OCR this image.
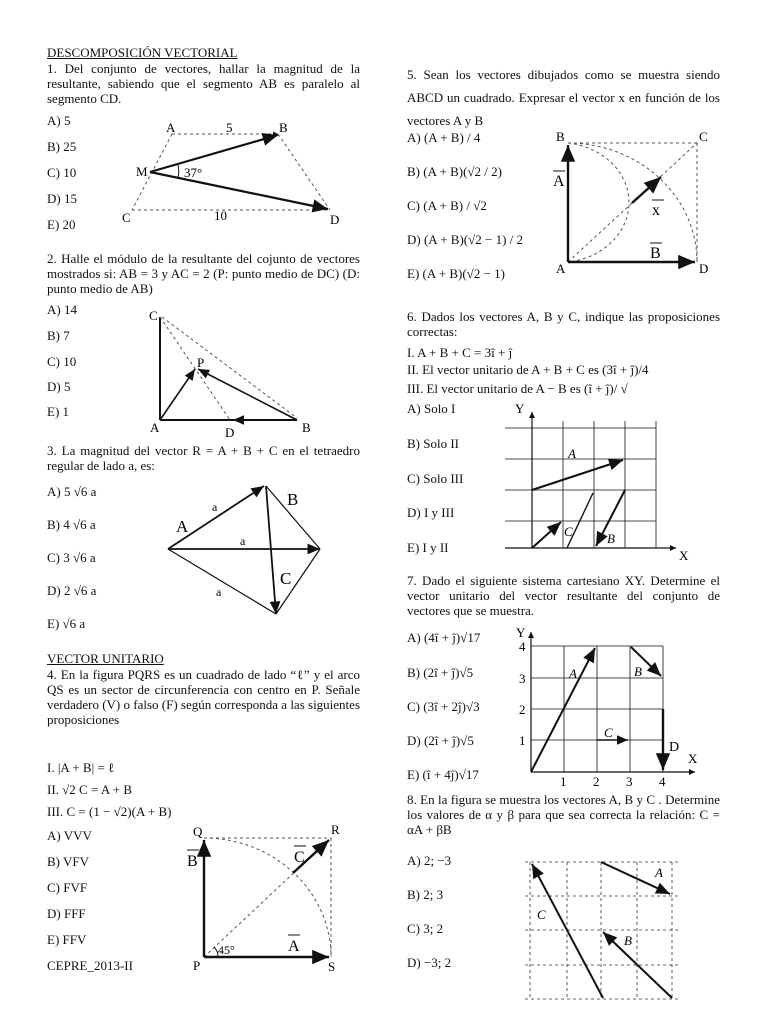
DESCOMPOSICIÓN VECTORIAL
1. Del conjunto de vectores, hallar la magnitud de la resultante, sabiendo que el segmento AB es paralelo al segmento CD.
A) 5
B) 25
C) 10
D) 15
E) 20
A	5	B
M	37°
C	10	D
2. Halle el módulo de la resultante del cojunto de vectores mostrados si: AB = 3 y AC = 2 (P: punto medio de DC) (D: punto medio de AB)
A) 14
B) 7
C) 10
D) 5
E) 1
C
P
A	D	B
3. La magnitud del vector R = A + B + C en el tetraedro regular de lado a, es:
A) 5 √6 a
B) 4 √6 a
C) 3 √6 a
D) 2 √6 a
E) √6 a
A
B
C
a
a
a
VECTOR UNITARIO
4. En la figura PQRS es un cuadrado de lado “ℓ” y el arco QS es un sector de circunferencia con centro en P. Señale verdadero (V) o falso (F) según corresponda a las siguientes proposiciones
I. |A + B| = ℓ
II. √2 C = A + B
III. C = (1 − √2)(A + B)
A) VVV
B) VFV
C) FVF
D) FFF
E) FFV
CEPRE_2013-II
Q	R
P	S
B	C
A
45°
5. Sean los vectores dibujados como se muestra siendo ABCD un cuadrado. Expresar el vector x en función de los vectores A y B
A) (A + B) / 4
B) (A + B)(√2 / 2)
C) (A + B) / √2
D) (A + B)(√2 − 1) / 2
E) (A + B)(√2 − 1)
B	C
A	D
A
B
x
6. Dados los vectores A, B y C, indique las proposiciones correctas:
I. A + B + C = 3î + ĵ
II. El vector unitario de A + B + C es (3î + ĵ)/4
III. El vector unitario de A − B es (î + ĵ)/ √
A) Solo I
B) Solo II
C) Solo III
D) I y III
E) I y II
Y
X
A
C	B
7. Dado el siguiente sistema cartesiano XY. Determine el vector unitario del vector resultante del conjunto de vectores que se muestra.
A) (4î + ĵ)√17
B) (2î + ĵ)√5
C) (3î + 2ĵ)√3
D) (2î + ĵ)√5
E) (î + 4ĵ)√17
Y
X
4
3
2
1
1 2 3 4
A	B
C
D
8. En la figura se muestra los vectores A, B y C . Determine los valores de α y β para que sea correcta la relación: C = αA + βB
A) 2; −3
B) 2; 3
C) 3; 2
D) −3; 2
A
C
B
